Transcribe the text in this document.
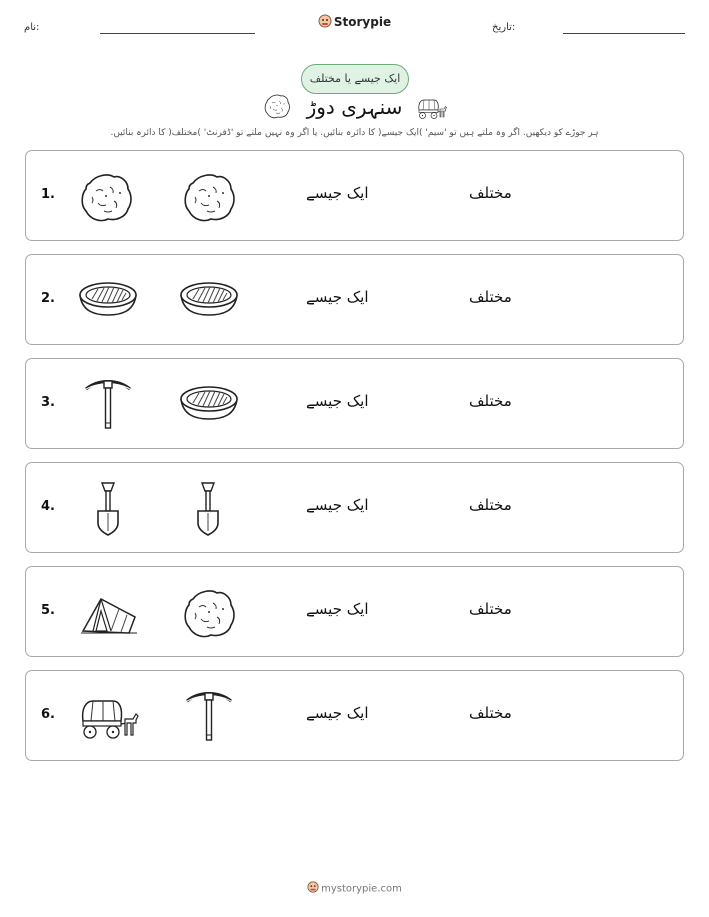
نام:	Storypie	تاریخ:
ایک جیسے یا مختلف
سنہری دوڑ
ہر جوڑے کو دیکھیں. اگر وہ ملتے ہیں تو 'سیم' )ایک جیسے( کا دائرہ بنائیں. یا اگر وہ نہیں ملتے تو 'ڈفرنٹ' )مختلف( کا دائرہ بنائیں.
1.	ایک جیسے	مختلف
2.	ایک جیسے	مختلف
3.	ایک جیسے	مختلف
4.	ایک جیسے	مختلف
5.	ایک جیسے	مختلف
6.	ایک جیسے	مختلف
mystorypie.com
